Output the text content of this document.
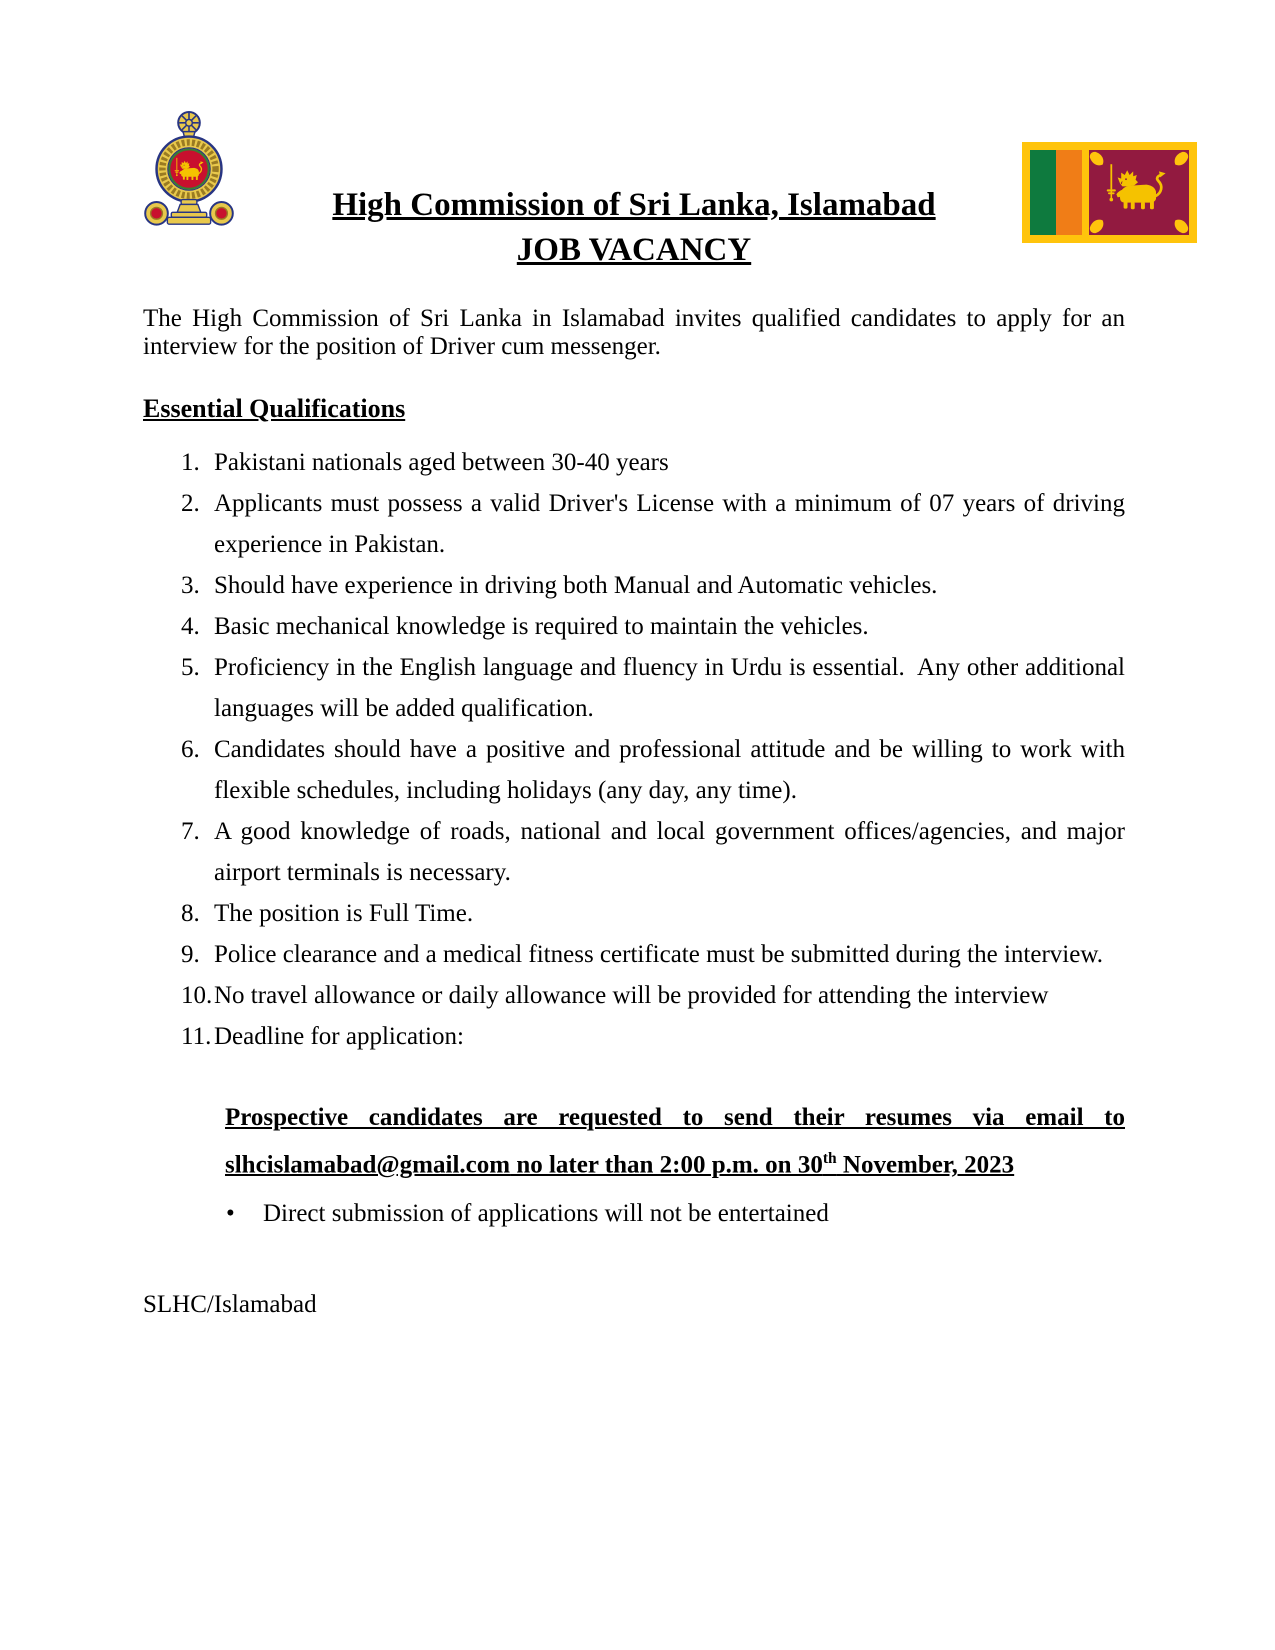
High Commission of Sri Lanka, Islamabad
JOB VACANCY

The High Commission of Sri Lanka in Islamabad invites qualified candidates to apply for an interview for the position of Driver cum messenger.

Essential Qualifications
1. Pakistani nationals aged between 30-40 years
2. Applicants must possess a valid Driver's License with a minimum of 07 years of driving experience in Pakistan.
3. Should have experience in driving both Manual and Automatic vehicles.
4. Basic mechanical knowledge is required to maintain the vehicles.
5. Proficiency in the English language and fluency in Urdu is essential.  Any other additional languages will be added qualification.
6. Candidates should have a positive and professional attitude and be willing to work with flexible schedules, including holidays (any day, any time).
7. A good knowledge of roads, national and local government offices/agencies, and major airport terminals is necessary.
8. The position is Full Time.
9. Police clearance and a medical fitness certificate must be submitted during the interview.
10. No travel allowance or daily allowance will be provided for attending the interview
11. Deadline for application:

Prospective candidates are requested to send their resumes via email to slhcislamabad@gmail.com no later than 2:00 p.m. on 30th November, 2023

• Direct submission of applications will not be entertained
SLHC/Islamabad
